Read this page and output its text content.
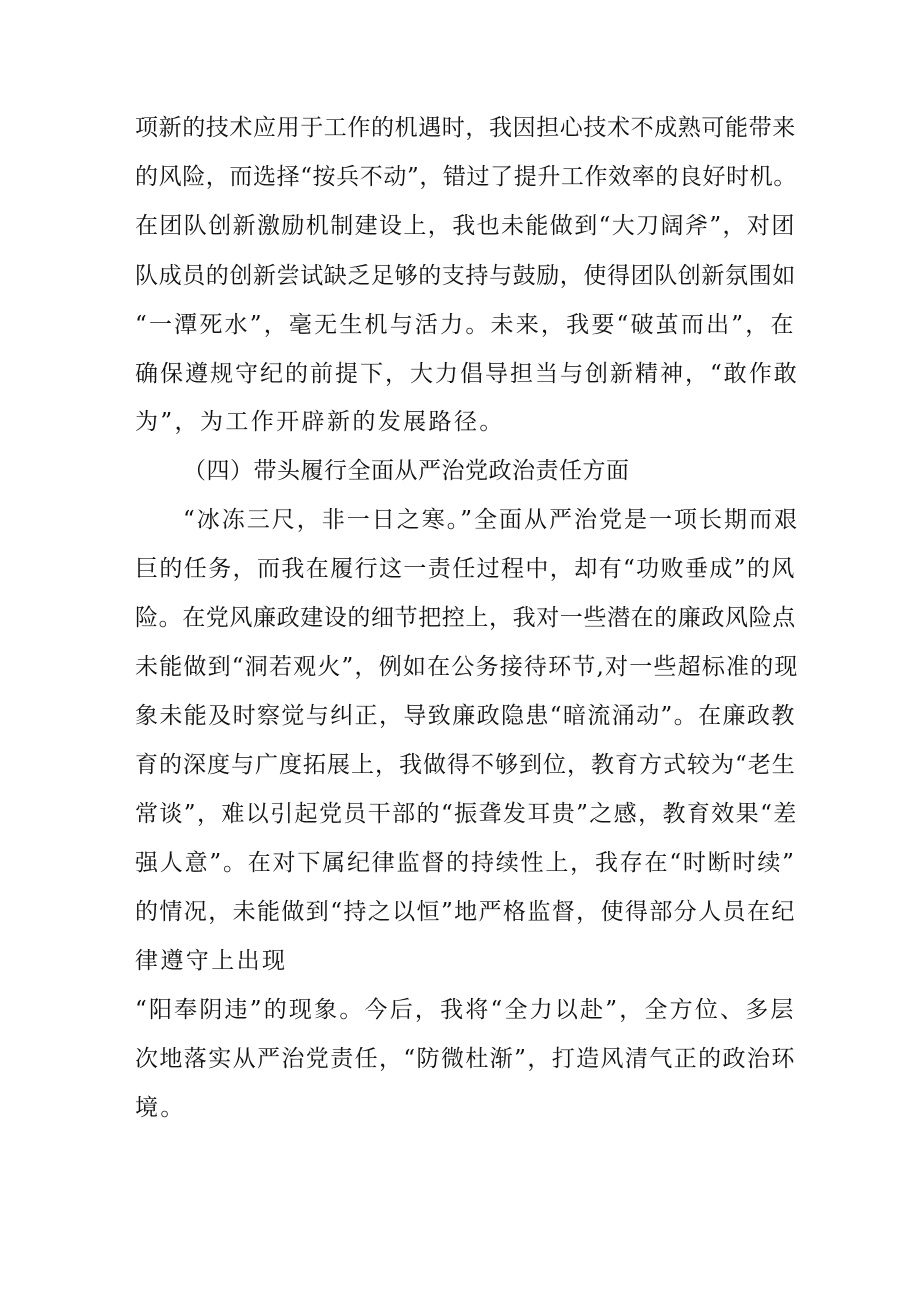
项新的技术应用于工作的机遇时，我因担心技术不成熟可能带来
的风险，而选择“按兵不动”，错过了提升工作效率的良好时机。
在团队创新激励机制建设上，我也未能做到“大刀阔斧”，对团
队成员的创新尝试缺乏足够的支持与鼓励，使得团队创新氛围如
“一潭死水”，毫无生机与活力。未来，我要“破茧而出”，在
确保遵规守纪的前提下，大力倡导担当与创新精神，“敢作敢
为”，为工作开辟新的发展路径。
（四）带头履行全面从严治党政治责任方面
“冰冻三尺，非一日之寒。”全面从严治党是一项长期而艰
巨的任务，而我在履行这一责任过程中，却有“功败垂成”的风
险。在党风廉政建设的细节把控上，我对一些潜在的廉政风险点
未能做到“洞若观火”，例如在公务接待环节,对一些超标准的现
象未能及时察觉与纠正，导致廉政隐患“暗流涌动”。在廉政教
育的深度与广度拓展上，我做得不够到位，教育方式较为“老生
常谈”，难以引起党员干部的“振聋发耳贵”之感，教育效果“差
强人意”。在对下属纪律监督的持续性上，我存在“时断时续”
的情况，未能做到“持之以恒”地严格监督，使得部分人员在纪
律遵守上出现
“阳奉阴违”的现象。今后，我将“全力以赴”，全方位、多层
次地落实从严治党责任，“防微杜渐”，打造风清气正的政治环
境。
